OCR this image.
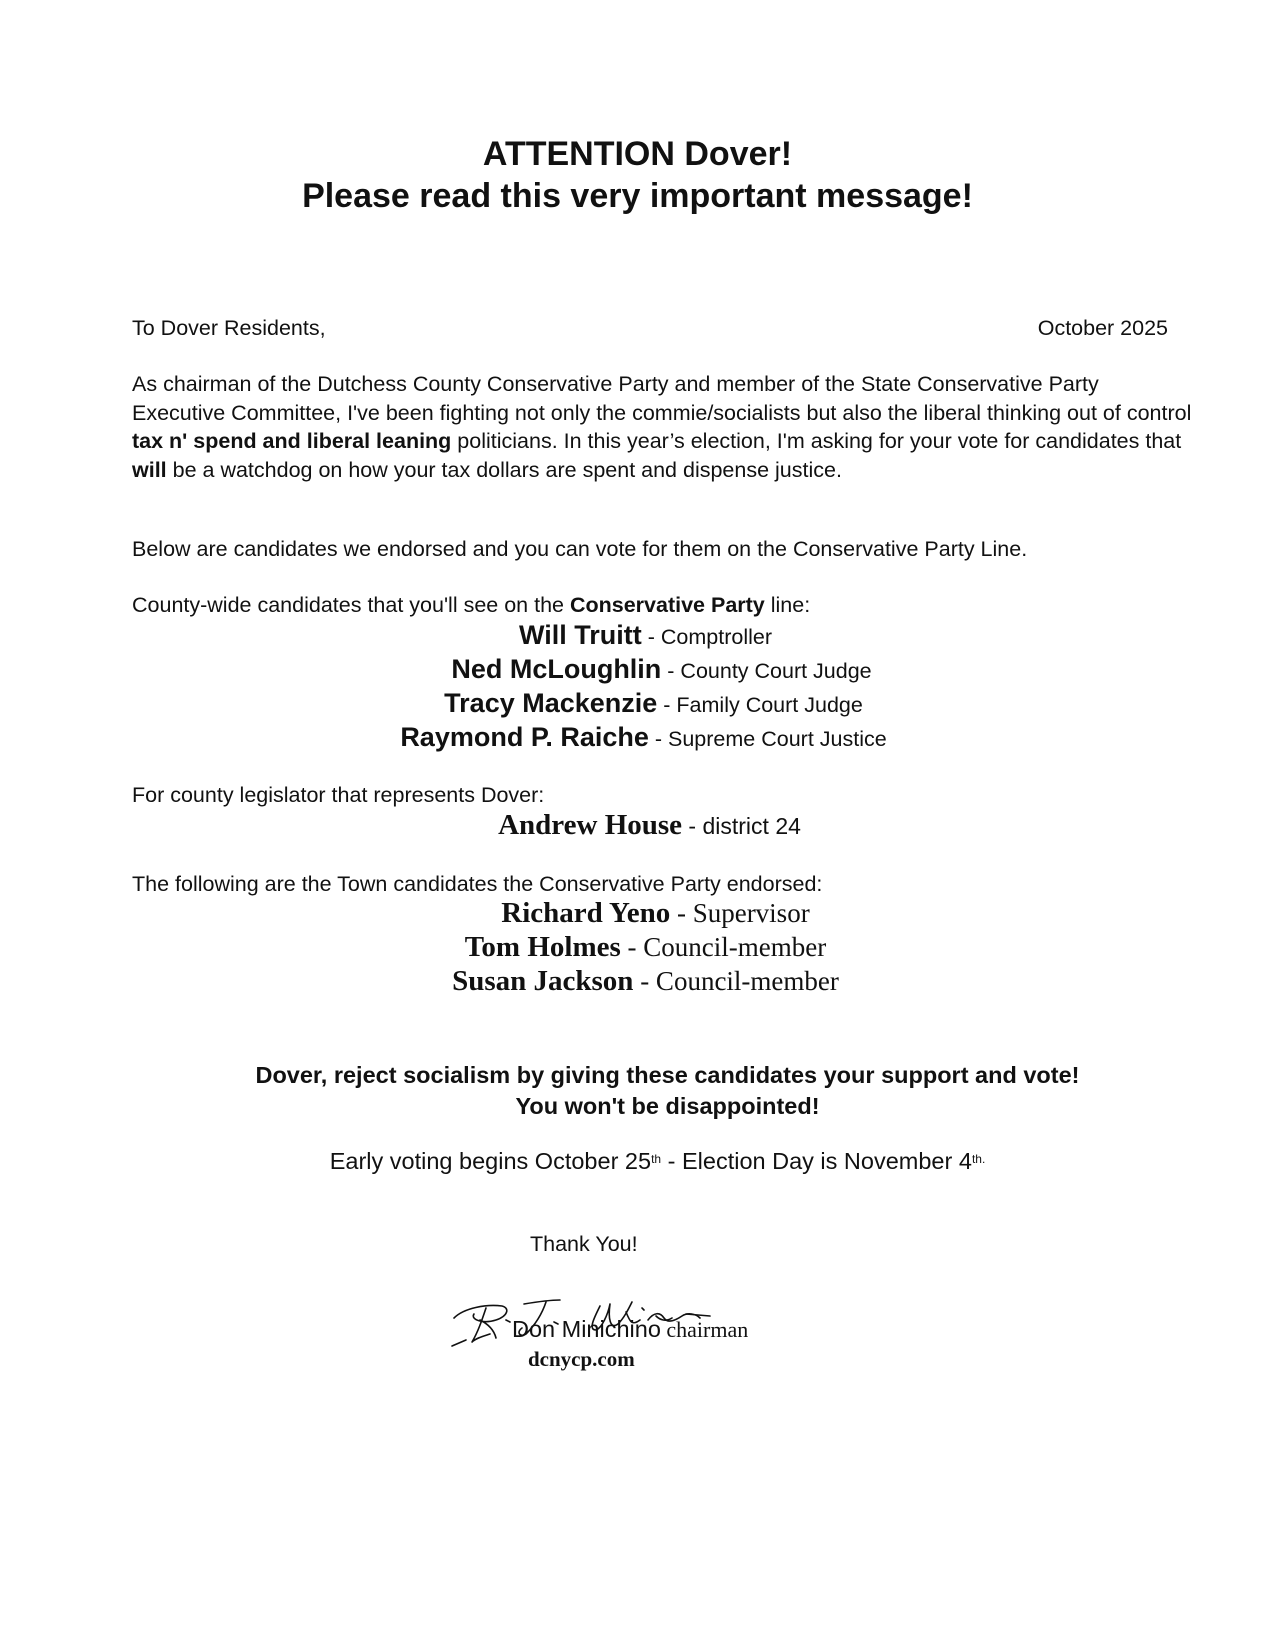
ATTENTION Dover!
Please read this very important message!
To Dover Residents,	October 2025
As chairman of the Dutchess County Conservative Party and member of the State Conservative Party Executive Committee, I've been fighting not only the commie/socialists but also the liberal thinking out of control tax n' spend and liberal leaning politicians. In this year’s election, I'm asking for your vote for candidates that will be a watchdog on how your tax dollars are spent and dispense justice.
Below are candidates we endorsed and you can vote for them on the Conservative Party Line.
County-wide candidates that you'll see on the Conservative Party line:
Will Truitt - Comptroller
Ned McLoughlin - County Court Judge
Tracy Mackenzie - Family Court Judge
Raymond P. Raiche - Supreme Court Justice
For county legislator that represents Dover:
Andrew House - district 24
The following are the Town candidates the Conservative Party endorsed:
Richard Yeno - Supervisor
Tom Holmes - Council-member
Susan Jackson - Council-member
Dover, reject socialism by giving these candidates your support and vote!
You won't be disappointed!
Early voting begins October 25th - Election Day is November $4^{th.}$
Thank You!
Don Minichino chairman
dcnycp.com
